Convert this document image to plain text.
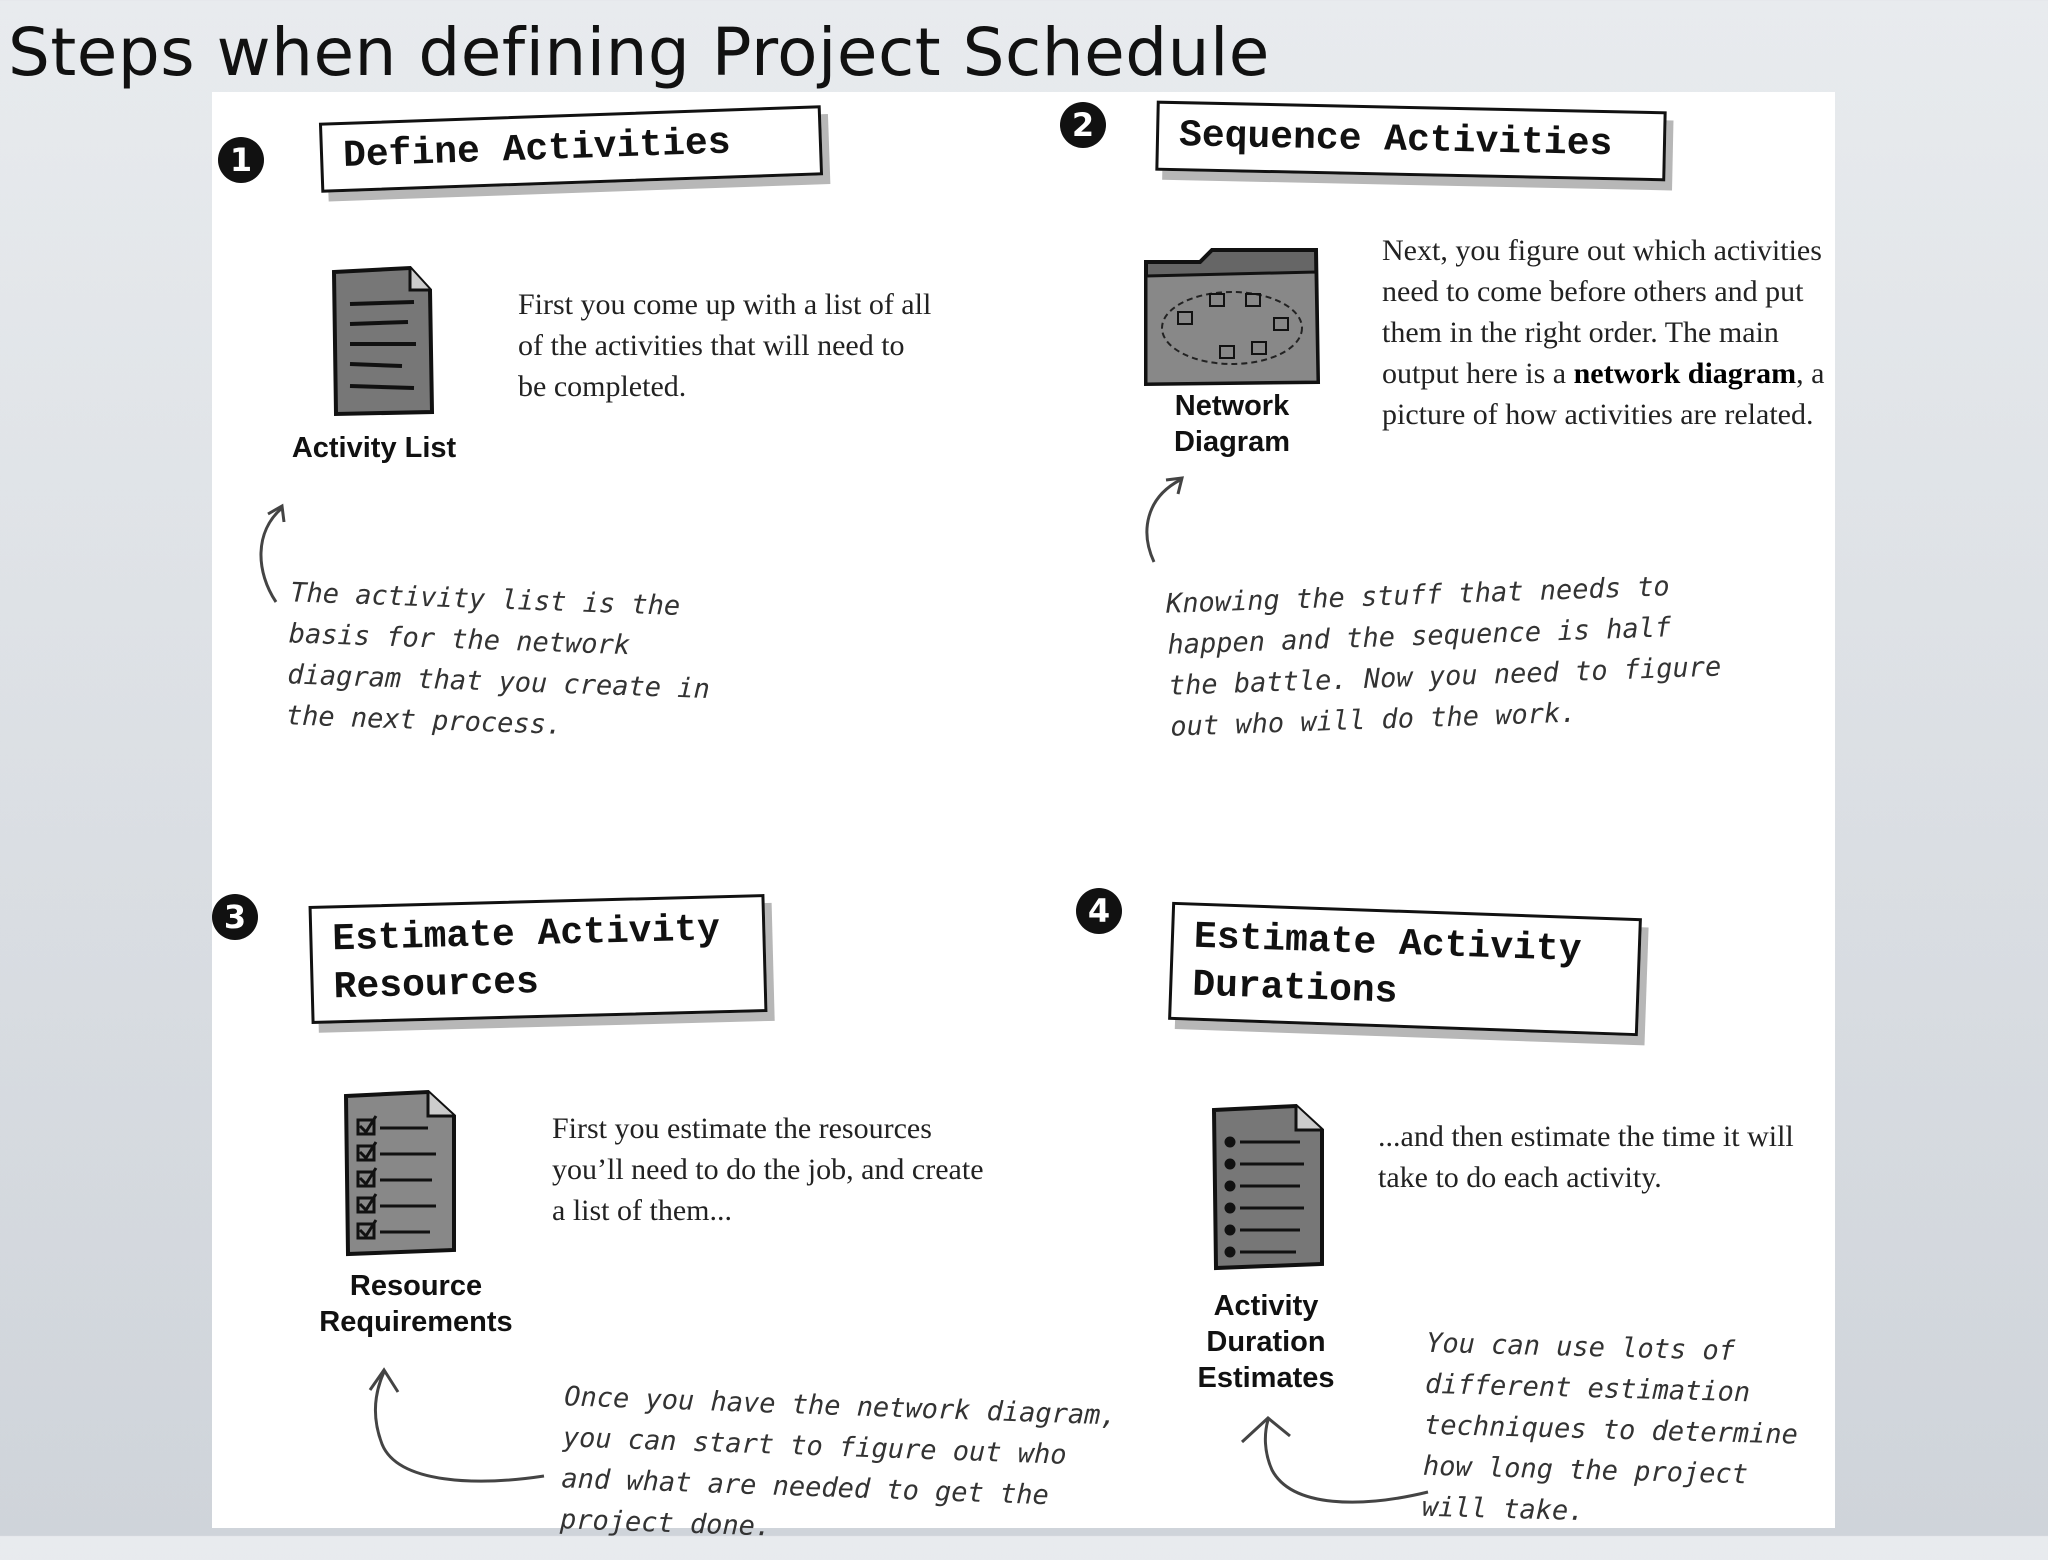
Steps when defining Project Schedule
1	Define Activities
Activity List
First you come up with a list of all of the activities that will need to be completed.
The activity list is the basis for the network diagram that you create in the next process.
2	Sequence Activities
Network Diagram
Next, you figure out which activities need to come before others and put them in the right order. The main output here is a network diagram, a picture of how activities are related.
Knowing the stuff that needs to happen and the sequence is half the battle. Now you need to figure out who will do the work.
3	Estimate Activity Resources
Resource Requirements
First you estimate the resources you’ll need to do the job, and create a list of them...
Once you have the network diagram, you can start to figure out who and what are needed to get the project done.
4
Estimate Activity Durations
Activity Duration Estimates
...and then estimate the time it will take to do each activity.
You can use lots of different estimation techniques to determine how long the project will take.
